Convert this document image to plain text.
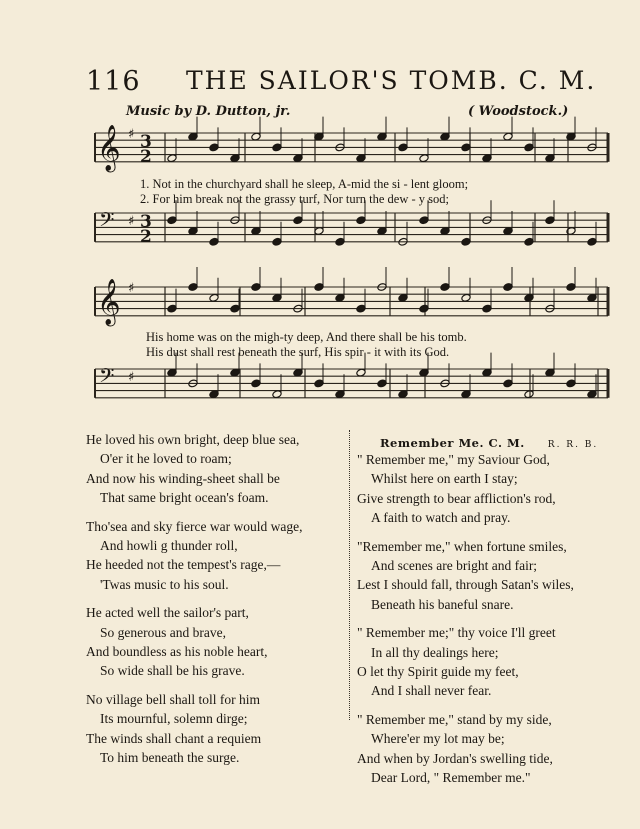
116 THE SAILOR'S TOMB. C. M.
Music by D. Dutton, jr.	( Woodstock.)
𝄞 ♯ 3
2
𝄢 ♯ 3
2
𝄞 ♯
𝄢 ♯
1. Not in the churchyard shall he sleep, A-mid the si - lent gloom;
2. For him break not the grassy turf, Nor turn the dew - y sod;
His home was on the migh-ty deep, And there shall be his tomb.
His dust shall rest beneath the surf, His spir - it with its God.
He loved his own bright, deep blue sea,
O'er it he loved to roam;
And now his winding-sheet shall be
That same bright ocean's foam.
Tho'sea and sky fierce war would wage,
And howli g thunder roll,
He heeded not the tempest's rage,—
'Twas music to his soul.
He acted well the sailor's part,
So generous and brave,
And boundless as his noble heart,
So wide shall be his grave.
No village bell shall toll for him
Its mournful, solemn dirge;
The winds shall chant a requiem
To him beneath the surge.
Remember Me. C. M.	R. R. B.
" Remember me," my Saviour God,
Whilst here on earth I stay;
Give strength to bear affliction's rod,
A faith to watch and pray.
"Remember me," when fortune smiles,
And scenes are bright and fair;
Lest I should fall, through Satan's wiles,
Beneath his baneful snare.
" Remember me;" thy voice I'll greet
In all thy dealings here;
O let thy Spirit guide my feet,
And I shall never fear.
" Remember me," stand by my side,
Where'er my lot may be;
And when by Jordan's swelling tide,
Dear Lord, " Remember me."
